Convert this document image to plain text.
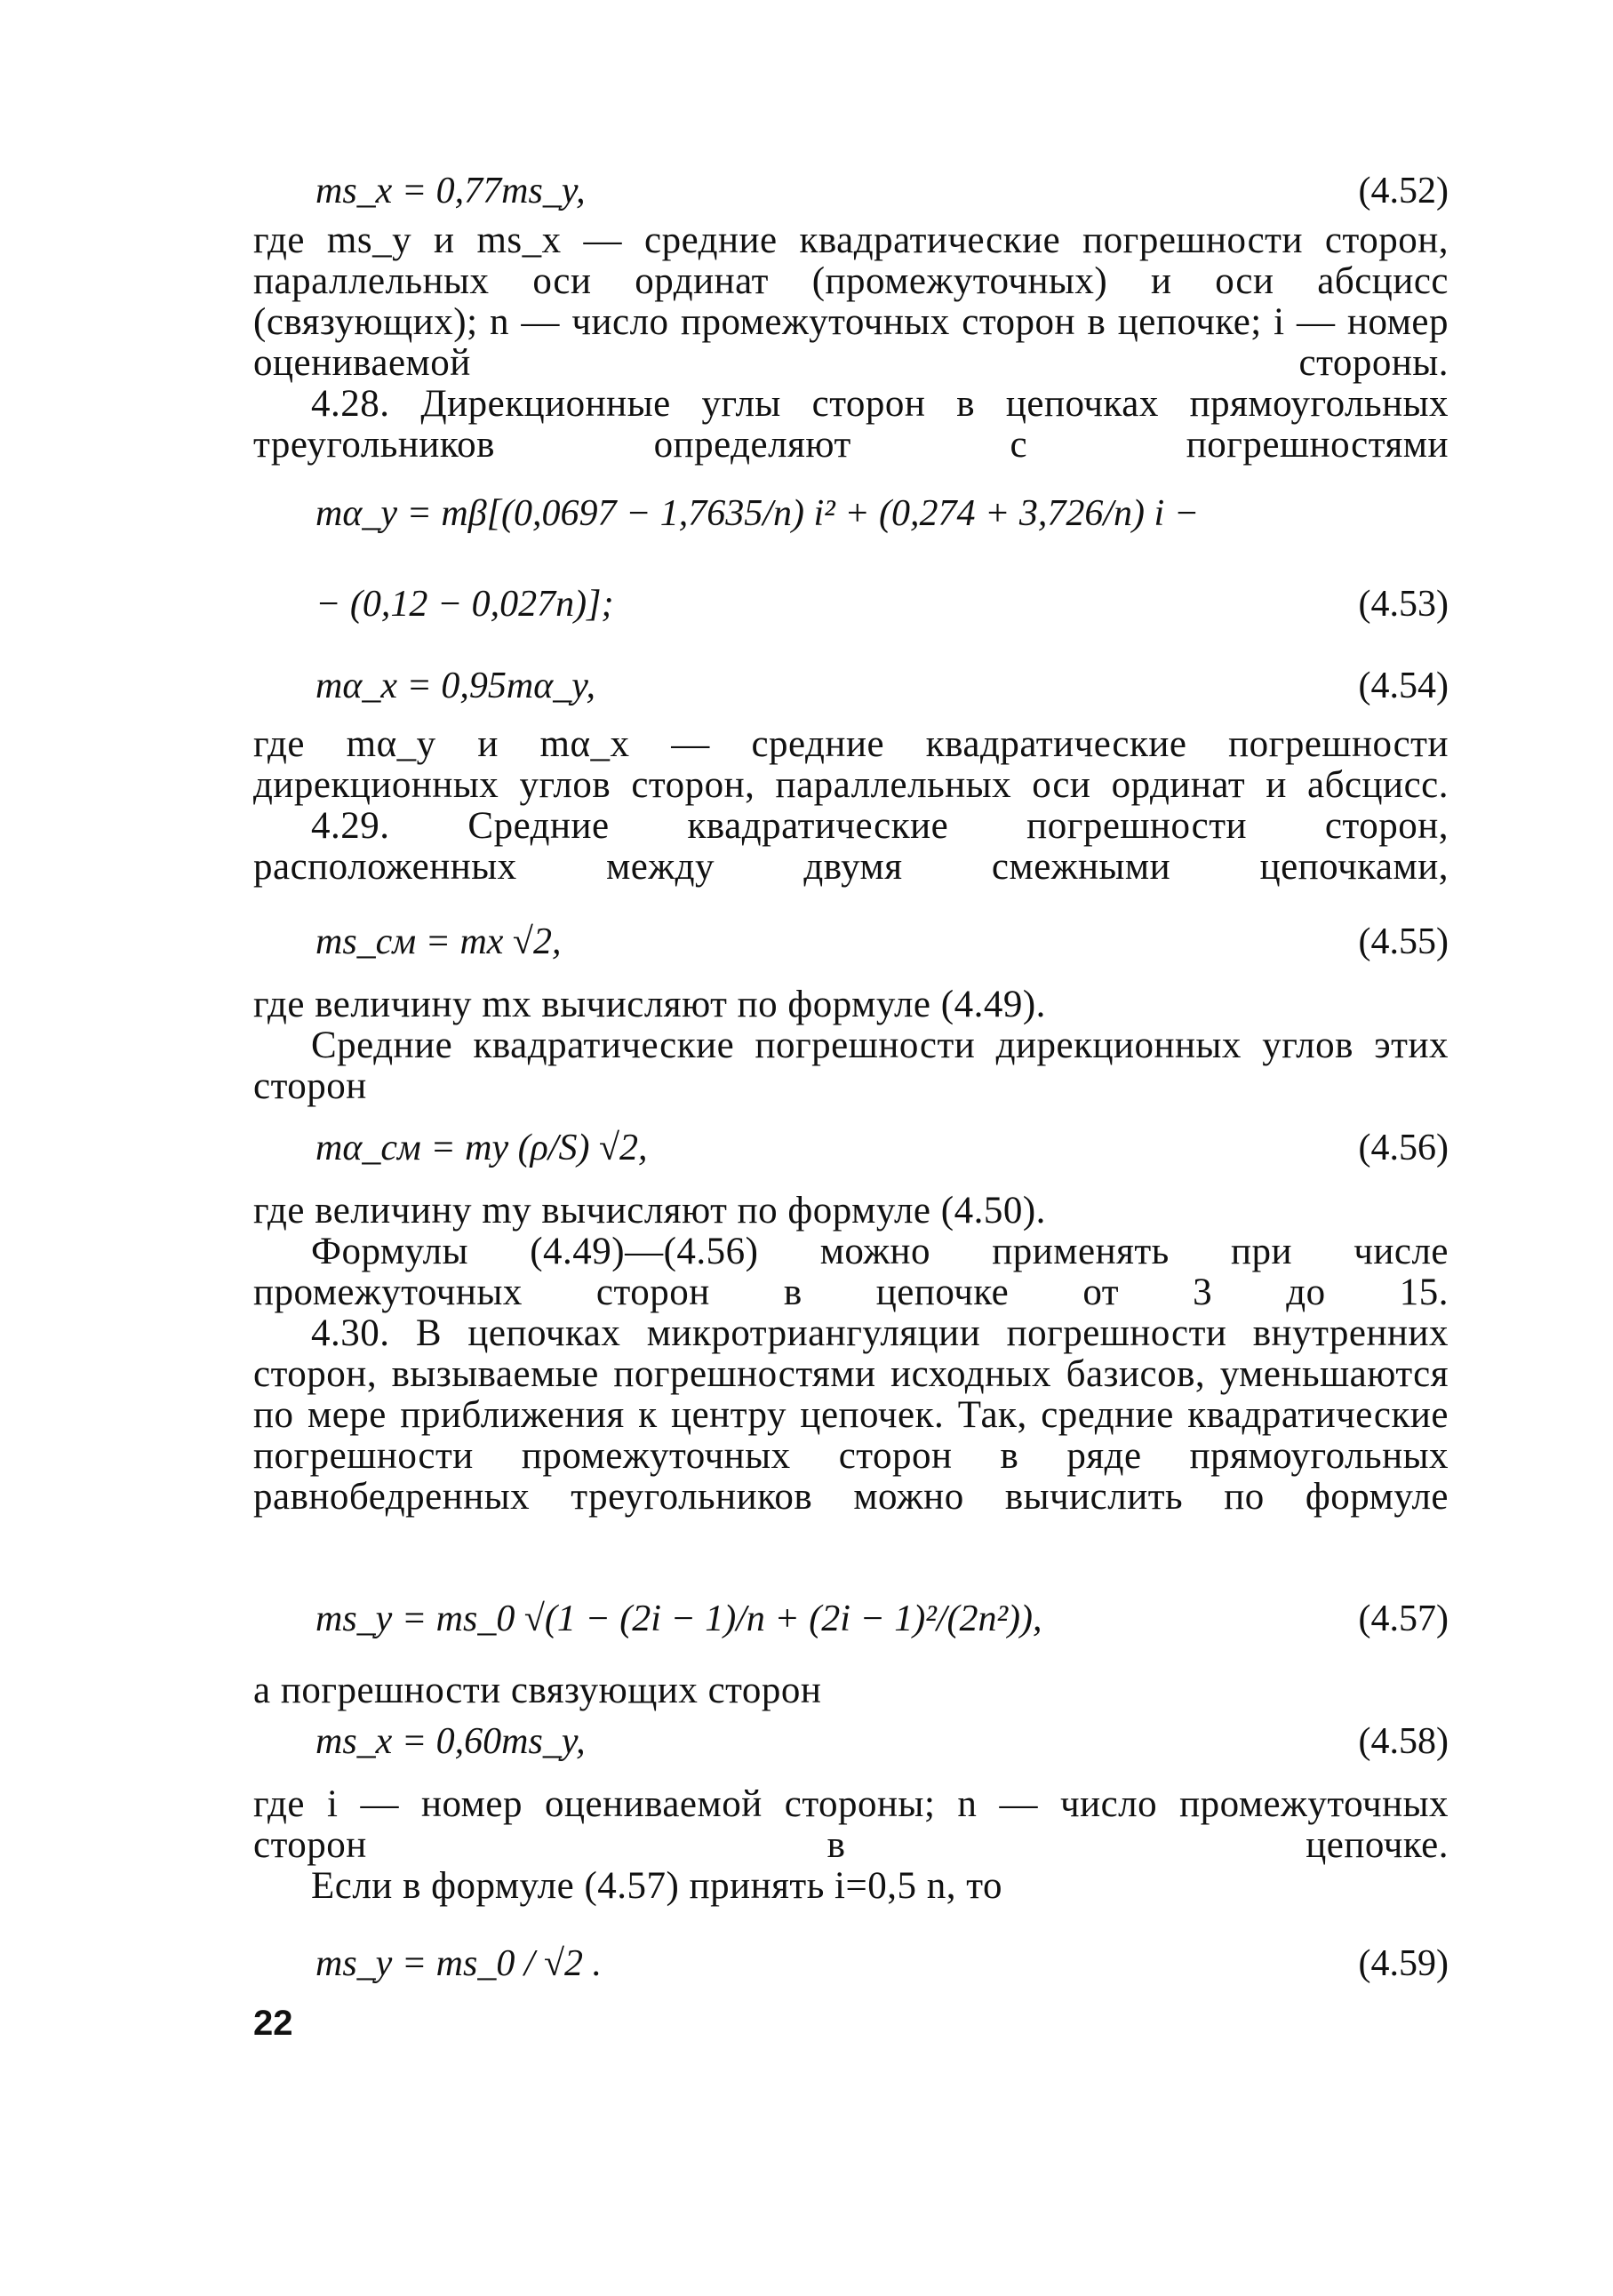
ms_x = 0,77ms_y,	(4.52)
где ms_y и ms_x — средние квадратические погрешности сторон, параллельных оси ординат (промежуточных) и оси абсцисс (связующих); n — число промежуточных сторон в цепочке; i — номер оцениваемой стороны.
4.28. Дирекционные углы сторон в цепочках прямоугольных треугольников определяют с погрешностями
mα_y = mβ[(0,0697 − 1,7635/n) i² + (0,274 + 3,726/n) i −
− (0,12 − 0,027n)];	(4.53)
mα_x = 0,95mα_y,	(4.54)
где mα_y и mα_x — средние квадратические погрешности дирекционных углов сторон, параллельных оси ординат и абсцисс.
4.29. Средние квадратические погрешности сторон, расположенных между двумя смежными цепочками,
ms_см = mx √2,	(4.55)
где величину mx вычисляют по формуле (4.49).
Средние квадратические погрешности дирекционных углов этих сторон
mα_см = my (ρ/S) √2,	(4.56)
где величину my вычисляют по формуле (4.50).
Формулы (4.49)—(4.56) можно применять при числе промежуточных сторон в цепочке от 3 до 15.
4.30. В цепочках микротриангуляции погрешности внутренних сторон, вызываемые погрешностями исходных базисов, уменьшаются по мере приближения к центру цепочек. Так, средние квадратические погрешности промежуточных сторон в ряде прямоугольных равнобедренных треугольников можно вычислить по формуле
ms_y = ms_0 √(1 − (2i − 1)/n + (2i − 1)²/(2n²)),	(4.57)
а погрешности связующих сторон
ms_x = 0,60ms_y,	(4.58)
где i — номер оцениваемой стороны; n — число промежуточных сторон в цепочке.
Если в формуле (4.57) принять i=0,5 n, то
ms_y = ms_0 / √2 .	(4.59)
22
